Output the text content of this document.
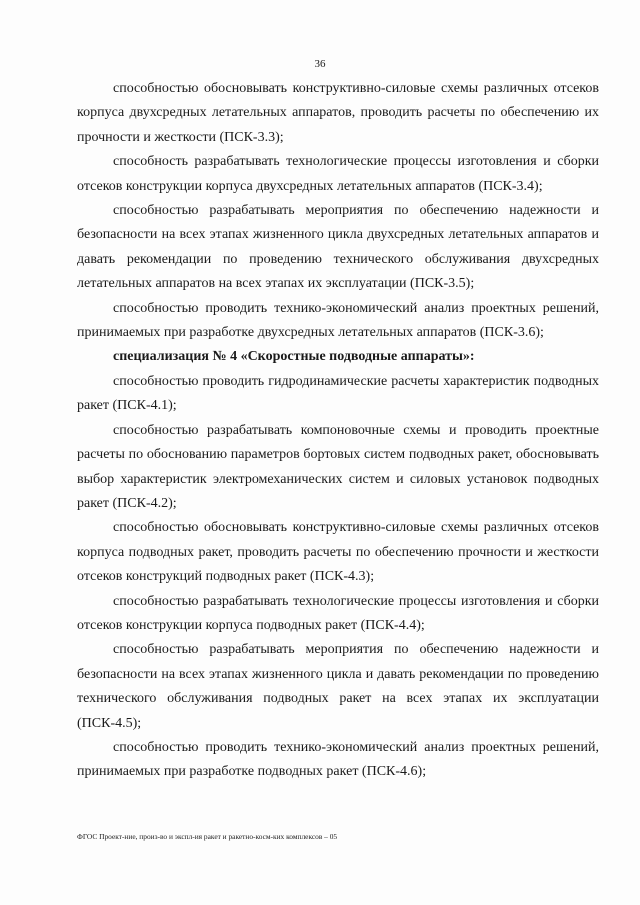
36

способностью обосновывать конструктивно-силовые схемы различных отсеков корпуса двухсредных летательных аппаратов, проводить расчеты по обеспечению их прочности и жесткости (ПСК-3.3);

способность разрабатывать технологические процессы изготовления и сборки отсеков конструкции корпуса двухсредных летательных аппаратов (ПСК-3.4);

способностью разрабатывать мероприятия по обеспечению надежности и безопасности на всех этапах жизненного цикла двухсредных летательных аппаратов и давать рекомендации по проведению технического обслуживания двухсредных летательных аппаратов на всех этапах их эксплуатации (ПСК-3.5);

способностью проводить технико-экономический анализ проектных решений, принимаемых при разработке двухсредных летательных аппаратов (ПСК-3.6);

специализация № 4 «Скоростные подводные аппараты»:

способностью проводить гидродинамические расчеты характеристик подводных ракет (ПСК-4.1);

способностью разрабатывать компоновочные схемы и проводить проектные расчеты по обоснованию параметров бортовых систем подводных ракет, обосновывать выбор характеристик электромеханических систем и силовых установок подводных ракет (ПСК-4.2);

способностью обосновывать конструктивно-силовые схемы различных отсеков корпуса подводных ракет, проводить расчеты по обеспечению прочности и жесткости отсеков конструкций подводных ракет (ПСК-4.3);

способностью разрабатывать технологические процессы изготовления и сборки отсеков конструкции корпуса подводных ракет (ПСК-4.4);

способностью разрабатывать мероприятия по обеспечению надежности и безопасности на всех этапах жизненного цикла и давать рекомендации по проведению технического обслуживания подводных ракет на всех этапах их эксплуатации (ПСК-4.5);

способностью проводить технико-экономический анализ проектных решений, принимаемых при разработке подводных ракет (ПСК-4.6);

ФГОС Проект-ние, произ-во и экспл-ия ракет и ракетно-косм-ких комплексов – 05
